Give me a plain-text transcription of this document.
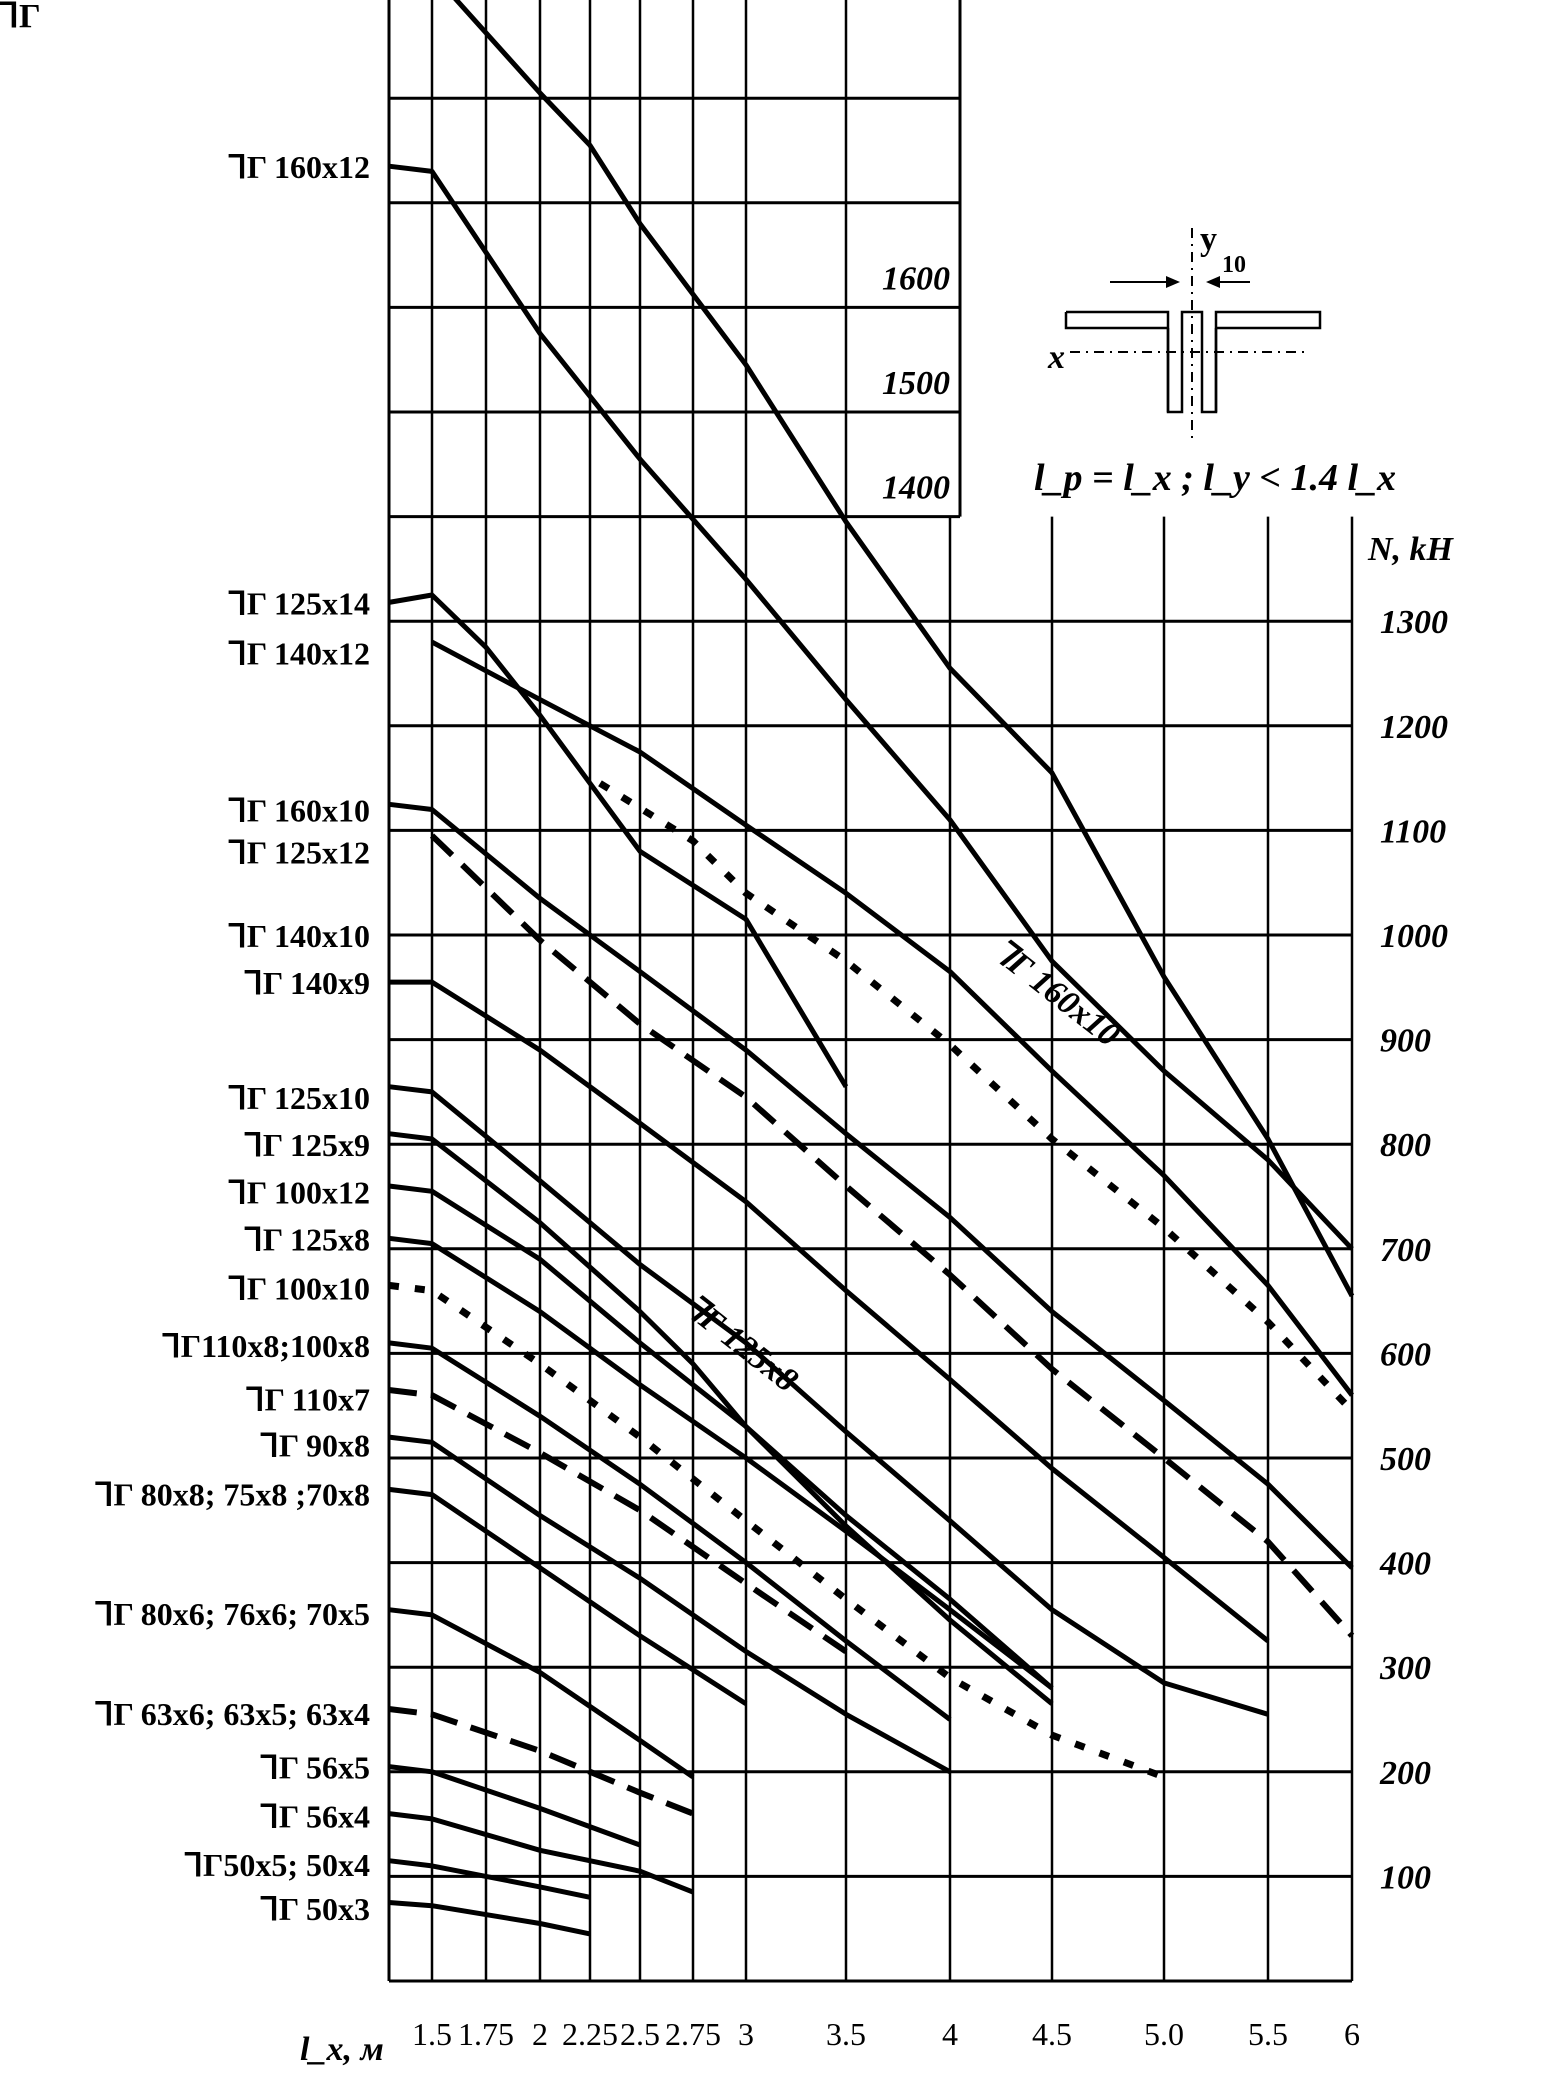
⅂Γ
1.5 1.75 2 2.25 2.5 2.75 3 3.5 4 4.5 5.0 5.5 6
100
200
300
400
500
600
700
800
900
1000
1100
1200
1300
1600
1500
1400
⅂Γ 160x12
⅂Γ 125x14
⅂Γ 140x12
⅂Γ 160x10
⅂Γ 125x12
⅂Γ 140x10
⅂Γ 140x9
⅂Γ 125x10
⅂Γ 125x9
⅂Γ 100x12
⅂Γ 125x8
⅂Γ 100x10
⅂Γ110x8;100x8
⅂Γ 110x7
⅂Γ 90x8
⅂Γ 80x8; 75x8 ;70x8
⅂Γ 80x6; 76x6; 70x5
⅂Γ 63x6; 63x5; 63x4
⅂Γ 56x5
⅂Γ 56x4
⅂Γ50x5; 50x4
⅂Γ 50x3
⅂Γ 160x10
⅂Γ 125x8
N, kH
l_x, м
y
10
x
l_p = l_x ; l_y < 1.4 l_x
